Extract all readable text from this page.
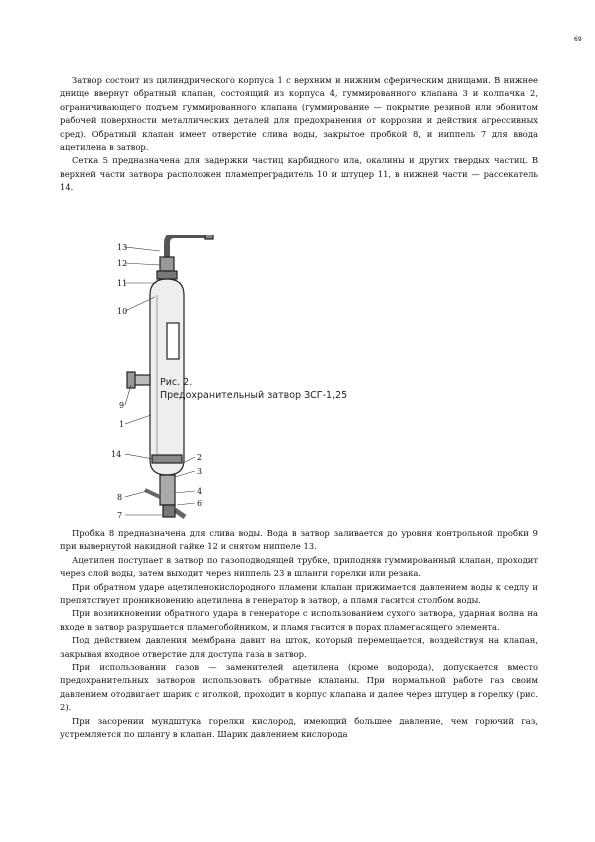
69

Затвор состоит из цилиндрического корпуса 1 с верхним и нижним сферическим днищами. В нижнее днище ввернут обратный клапан, состоящий из корпуса 4, гуммированного клапана 3 и колпачка 2, ограничивающего подъем гуммированного клапана (гуммирование — покрытие резиной или эбонитом рабочей поверхности металлических деталей для предохранения от коррозии и действия агрессивных сред). Обратный клапан имеет отверстие слива воды, закрытое пробкой 8, и ниппель 7 для ввода ацетилена в затвор.

Сетка 5 предназначена для задержки частиц карбидного ила, окалины и других твердых частиц. В верхней части затвора расположен пламепреградитель 10 и штуцер 11, в нижней части — рассекатель 14.

13
12
11
10
9
1
14	2
3
8
4
6
7
Рис. 2.
Предохранительный затвор ЗСГ-1,25

Пробка 8 предназначена для слива воды. Вода в затвор заливается до уровня контрольной пробки 9 при вывернутой накидной гайке 12 и снятом ниппеле 13.

Ацетилен поступает в затвор по газоподводящей трубке, приподняв гуммированный клапан, проходит через слой воды, затем выходит через ниппель 23 в шланги горелки или резака.

При обратном ударе ацетиленокислородного пламени клапан прижимается давлением воды к седлу и препятствует проникновению ацетилена в генератор в затвор, а пламя гасится столбом воды.

При возникновении обратного удара в генераторе с использованием сухого затвора, ударная волна на входе в затвор разрушается пламегобойником, и пламя гасится в порах пламегасящего элемента.

Под действием давления мембрана давит на шток, который перемещается, воздействуя на клапан, закрывая входное отверстие для доступа газа в затвор.

При использовании газов — заменителей ацетилена (кроме водорода), допускается вместо предохранительных затворов использовать обратные клапаны. При нормальной работе газ своим давлением отодвигает шарик с иголкой, проходит в корпус клапана и далее через штуцер в горелку (рис. 2).

При засорении мундштука горелки кислород, имеющий большее давление, чем горючий газ, устремляется по шлангу в клапан. Шарик давлением кислорода
